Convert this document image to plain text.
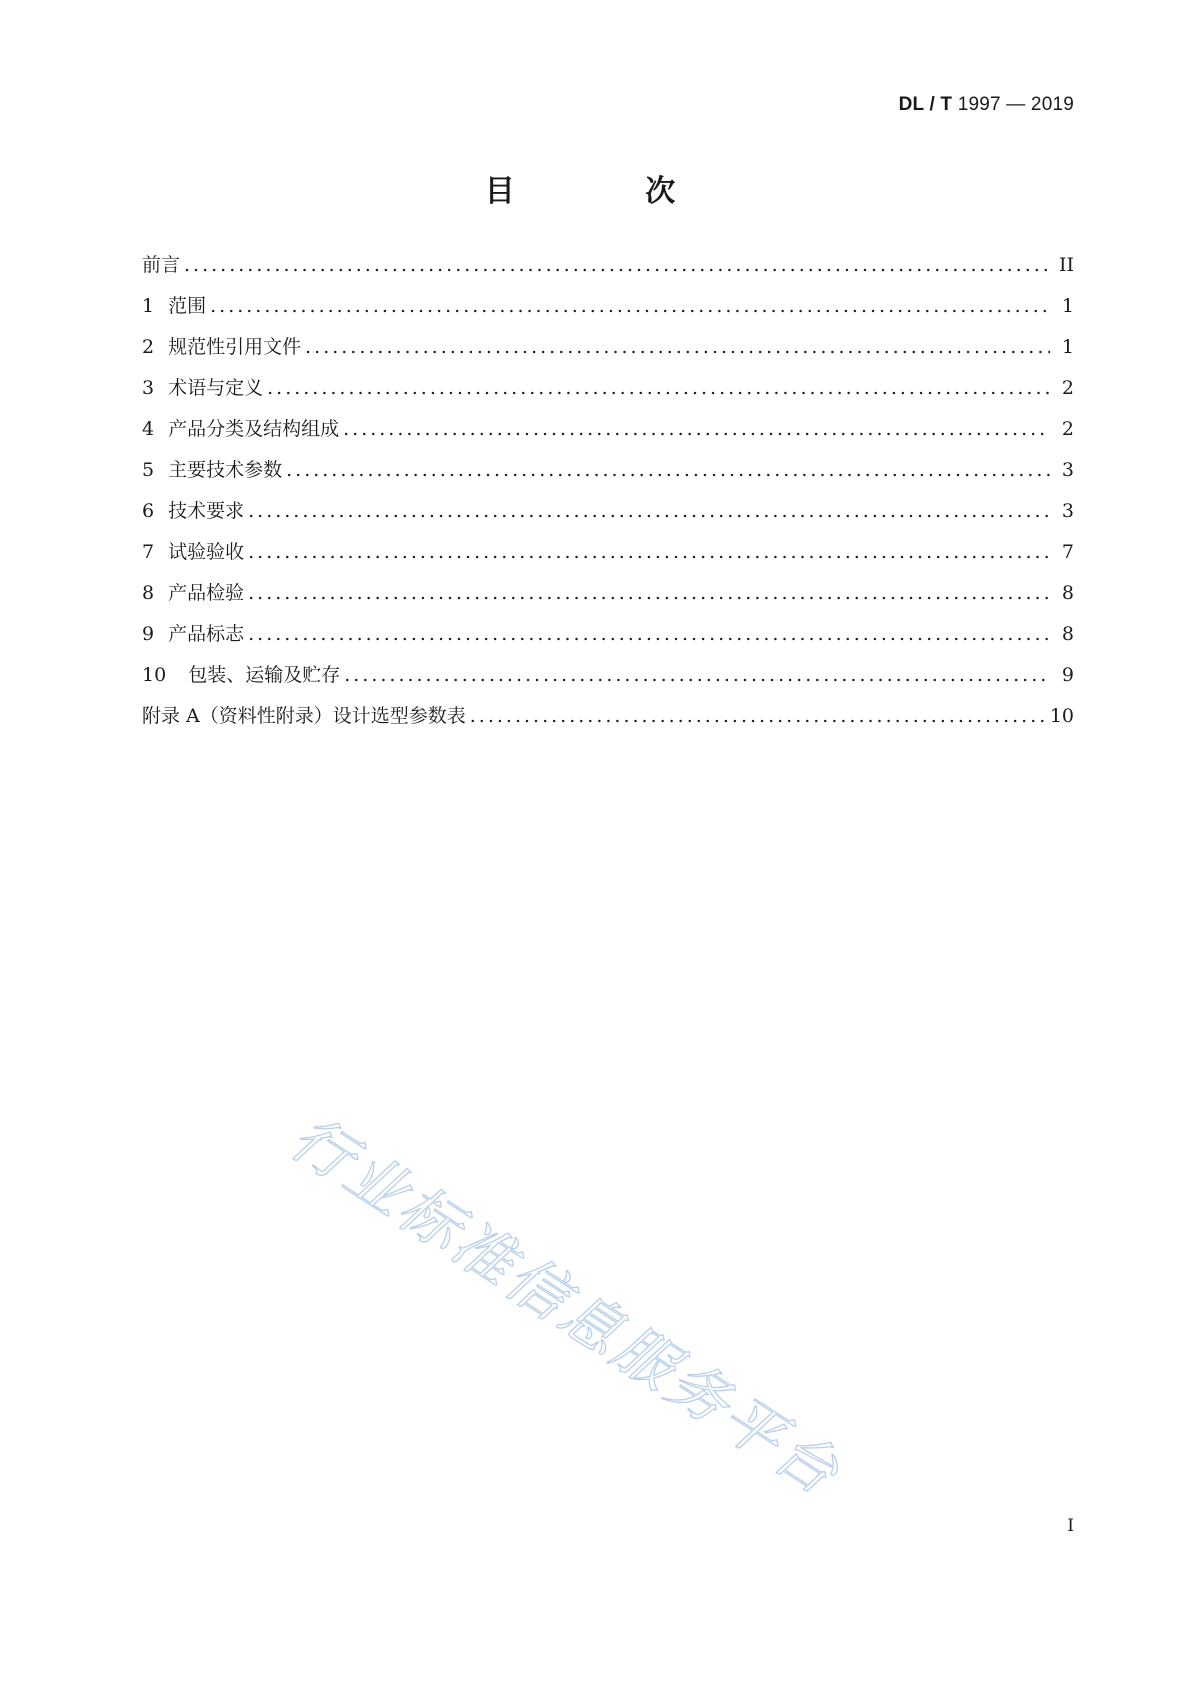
DL / T 1997 — 2019
目 次
前言 .....	II
1 范围 .....	1
2 规范性引用文件 .....	1
3 术语与定义 .....	2
4 产品分类及结构组成 .....	2
5 主要技术参数 .....	3
6 技术要求 .....	3
7 试验验收 .....	7
8 产品检验 .....	8
9 产品标志 .....	8
10	包装、运输及贮存 .....	9
附录 A（资料性附录）设计选型参数表 .....	10
行业标准信息服务平台
I
